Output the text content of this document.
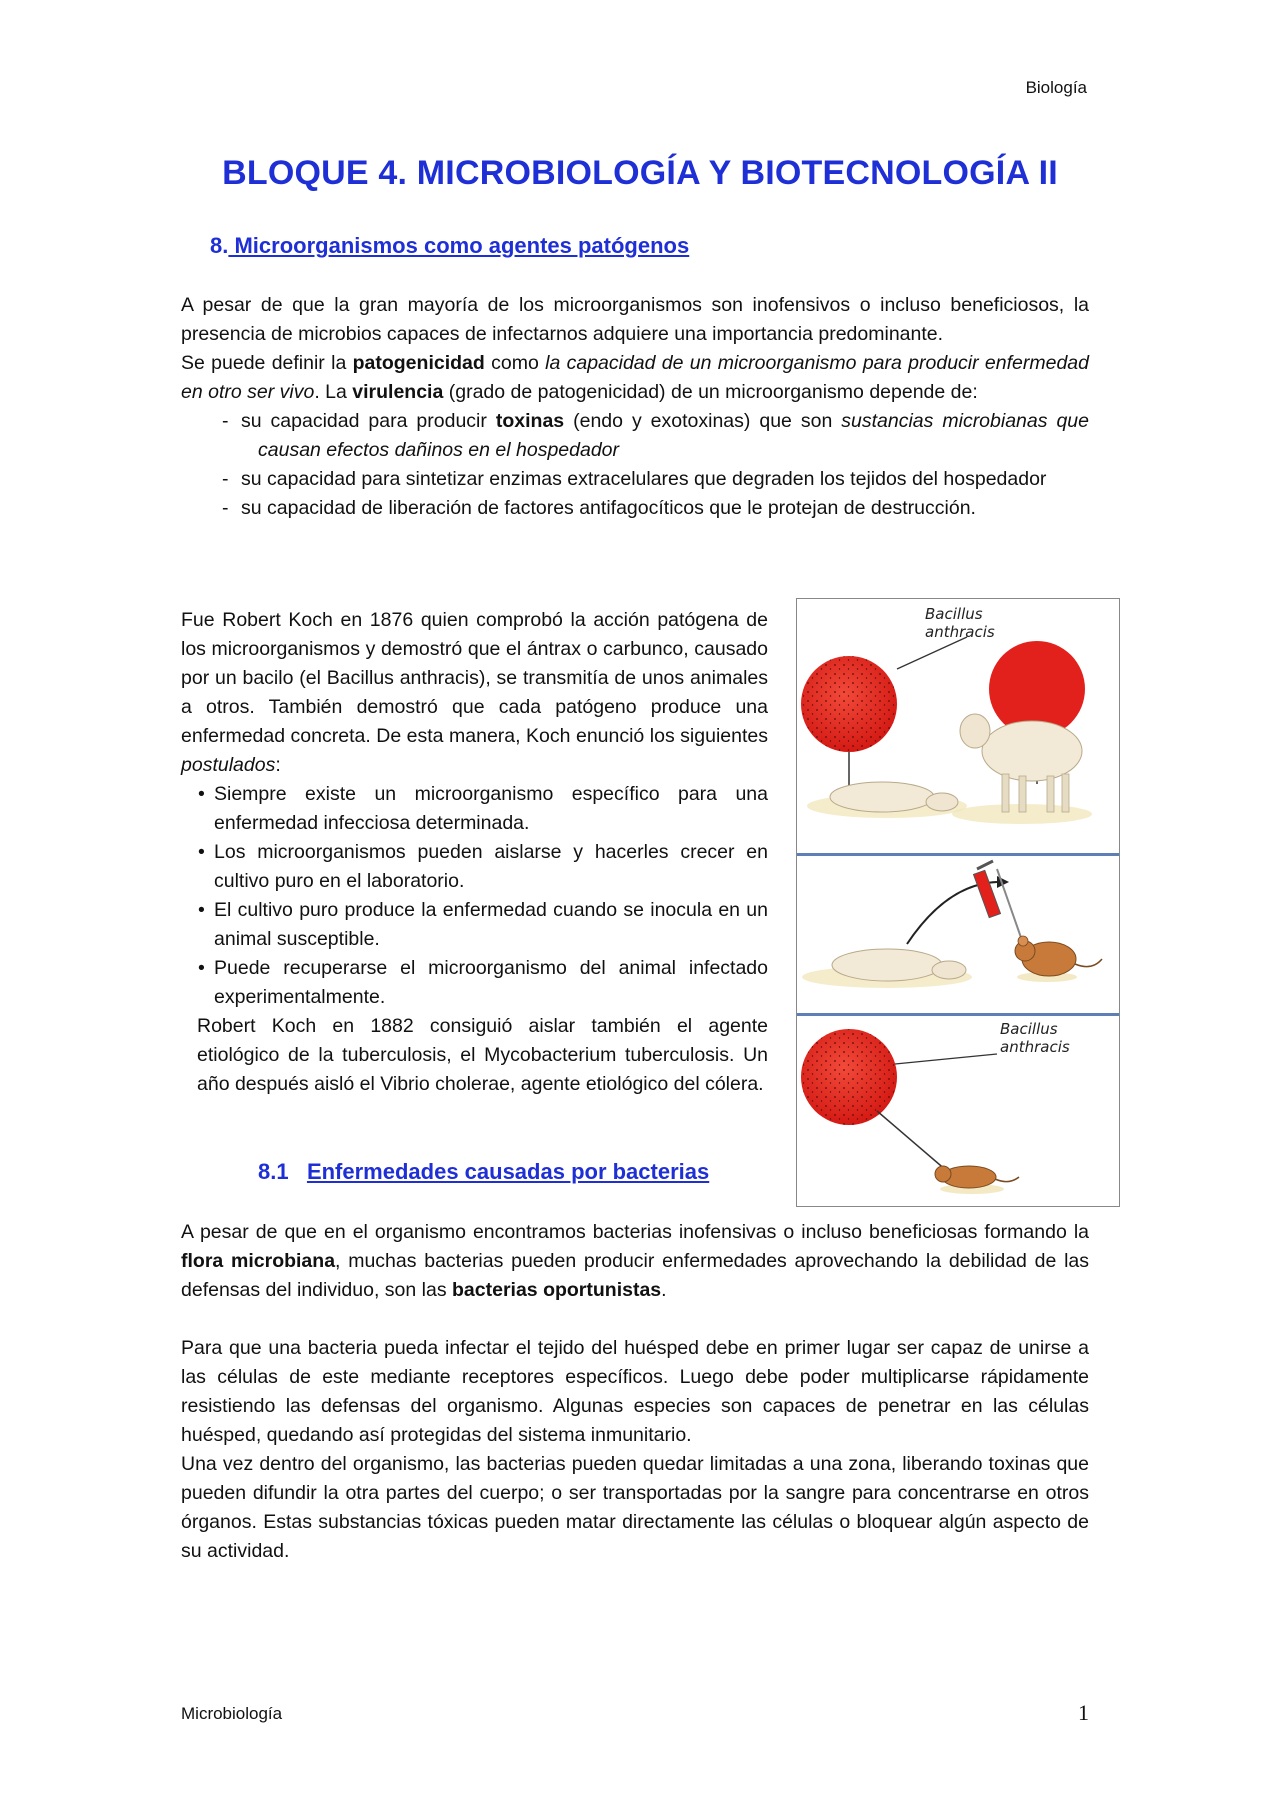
Biología
BLOQUE 4. MICROBIOLOGÍA Y BIOTECNOLOGÍA II
8. Microorganismos como agentes patógenos

A pesar de que la gran mayoría de los microorganismos son inofensivos o incluso beneficiosos, la presencia de microbios capaces de infectarnos adquiere una importancia predominante.

Se puede definir la patogenicidad como la capacidad de un microorganismo para producir enfermedad en otro ser vivo. La virulencia (grado de patogenicidad) de un microorganismo depende de:

- su capacidad para producir toxinas (endo y exotoxinas) que son sustancias microbianas que causan efectos dañinos en el hospedador
- su capacidad para sintetizar enzimas extracelulares que degraden los tejidos del hospedador
- su capacidad de liberación de factores antifagocíticos que le protejan de destrucción.

Fue Robert Koch en 1876 quien comprobó la acción patógena de los microorganismos y demostró que el ántrax o carbunco, causado por un bacilo (el Bacillus anthracis), se transmitía de unos animales a otros. También demostró que cada patógeno produce una enfermedad concreta. De esta manera, Koch enunció los siguientes postulados:

• Siempre existe un microorganismo específico para una enfermedad infecciosa determinada.
• Los microorganismos pueden aislarse y hacerles crecer en cultivo puro en el laboratorio.
• El cultivo puro produce la enfermedad cuando se inocula en un animal susceptible.
• Puede recuperarse el microorganismo del animal infectado experimentalmente.

Robert Koch en 1882 consiguió aislar también el agente etiológico de la tuberculosis, el Mycobacterium tuberculosis. Un año después aisló el Vibrio cholerae, agente etiológico del cólera.

Bacillus
anthracis
Bacillus
anthracis
8.1 Enfermedades causadas por bacterias

A pesar de que en el organismo encontramos bacterias inofensivas o incluso beneficiosas formando la flora microbiana, muchas bacterias pueden producir enfermedades aprovechando la debilidad de las defensas del individuo, son las bacterias oportunistas.

Para que una bacteria pueda infectar el tejido del huésped debe en primer lugar ser capaz de unirse a las células de este mediante receptores específicos. Luego debe poder multiplicarse rápidamente resistiendo las defensas del organismo. Algunas especies son capaces de penetrar en las células huésped, quedando así protegidas del sistema inmunitario.

Una vez dentro del organismo, las bacterias pueden quedar limitadas a una zona, liberando toxinas que pueden difundir la otra partes del cuerpo; o ser transportadas por la sangre para concentrarse en otros órganos. Estas substancias tóxicas pueden matar directamente las células o bloquear algún aspecto de su actividad.

Microbiología	1
